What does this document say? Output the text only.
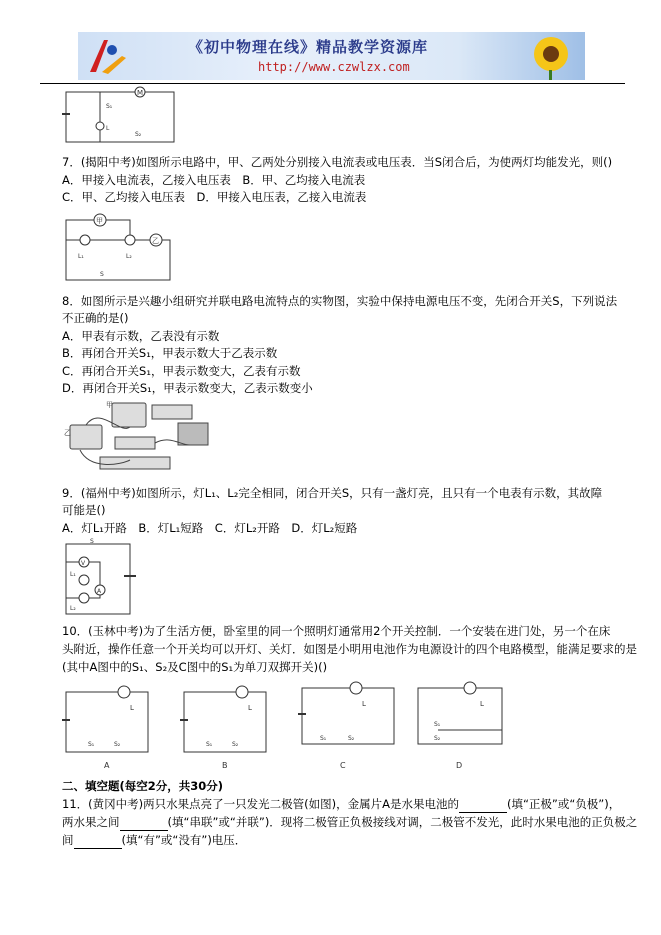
《初中物理在线》精品教学资源库
http://www.czwlzx.com
M
S₁
L
S₂
7．(揭阳中考)如图所示电路中，甲、乙两处分别接入电流表或电压表．当S闭合后，为使两灯均能发光，则()
A．甲接入电流表，乙接入电压表　B．甲、乙均接入电流表
C．甲、乙均接入电压表　D．甲接入电压表，乙接入电流表
甲
乙
L₁	L₂
S
8．如图所示是兴趣小组研究并联电路电流特点的实物图，实验中保持电源电压不变，先闭合开关S，下列说法
不正确的是()
A．甲表有示数，乙表没有示数
B．再闭合开关S₁，甲表示数大于乙表示数
C．再闭合开关S₁，甲表示数变大，乙表有示数
D．再闭合开关S₁，甲表示数变大，乙表示数变小
乙
甲
9．(福州中考)如图所示，灯L₁、L₂完全相同，闭合开关S，只有一盏灯亮，且只有一个电表有示数，其故障
可能是()
A．灯L₁开路　B．灯L₁短路　C．灯L₂开路　D．灯L₂短路
V
A
L₁
L₂
S
10．(玉林中考)为了生活方便，卧室里的同一个照明灯通常用2个开关控制．一个安装在进门处，另一个在床
头附近，操作任意一个开关均可以开灯、关灯．如图是小明用电池作为电源设计的四个电路模型，能满足要求的是
(其中A图中的S₁、S₂及C图中的S₁为单刀双掷开关)()
L
S₁	S₂
A
L
S₁	S₂
B
L
S₁	S₂
C
L
S₁
S₂
D
二、填空题(每空2分，共30分)
11．(黄冈中考)两只水果点亮了一只发光二极管(如图)，金属片A是水果电池的	(填“正极”或“负极”)，
两水果之间	(填“串联”或“并联”)．现将二极管正负极接线对调，二极管不发光，此时水果电池的正负极之
间	(填“有”或“没有”)电压．
